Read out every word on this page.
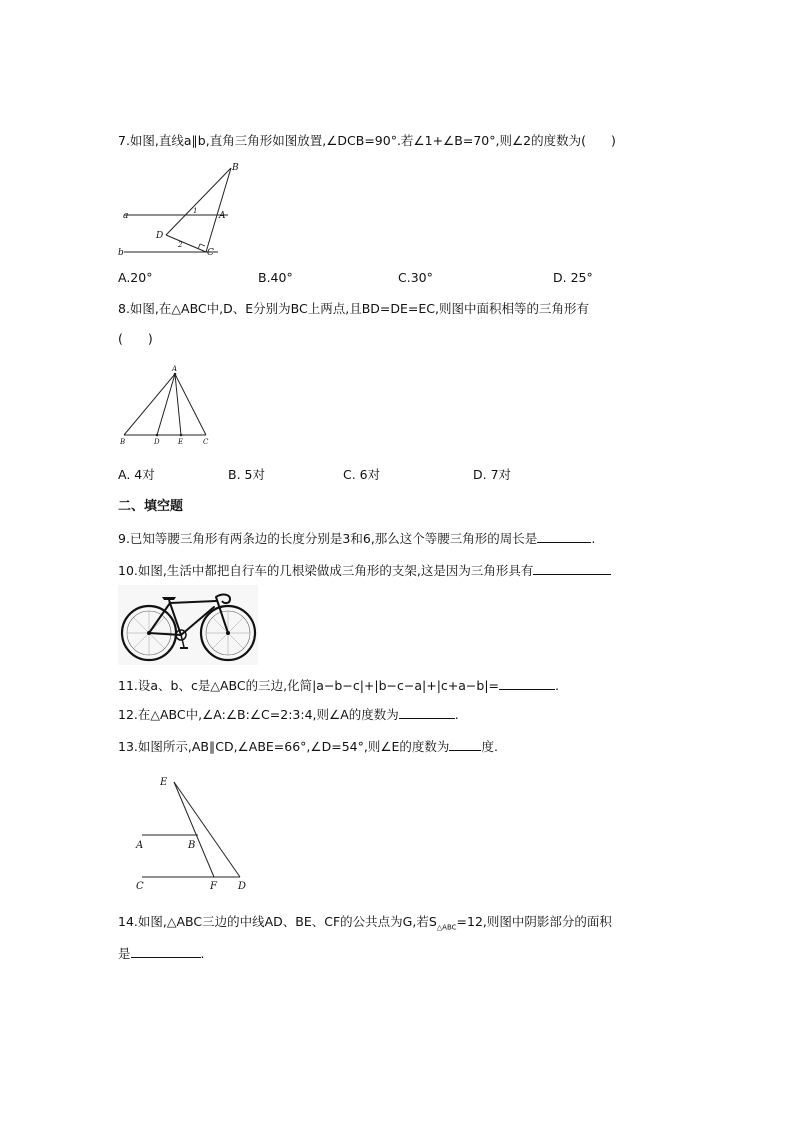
7.如图,直线a∥b,直角三角形如图放置,∠DCB=90°.若∠1+∠B=70°,则∠2的度数为(　　)
B
A
a
b
D
C
1
2
A.20°	B.40°	C.30°	D. 25°
8.如图,在△ABC中,D、E分别为BC上两点,且BD=DE=EC,则图中面积相等的三角形有
(　　)
A
B	D	E	C
A. 4对	B. 5对	C. 6对	D. 7对
二、填空题
9.已知等腰三角形有两条边的长度分别是3和6,那么这个等腰三角形的周长是	.
10.如图,生活中都把自行车的几根梁做成三角形的支架,这是因为三角形具有
11.设a、b、c是△ABC的三边,化简|a−b−c|+|b−c−a|+|c+a−b|=	.
12.在△ABC中,∠A:∠B:∠C=2:3:4,则∠A的度数为	.
13.如图所示,AB∥CD,∠ABE=66°,∠D=54°,则∠E的度数为	度.
E
A	B
C	F D
14.如图,△ABC三边的中线AD、BE、CF的公共点为G,若$S_{\triangle ABC}=12$,则图中阴影部分的面积
是	.
